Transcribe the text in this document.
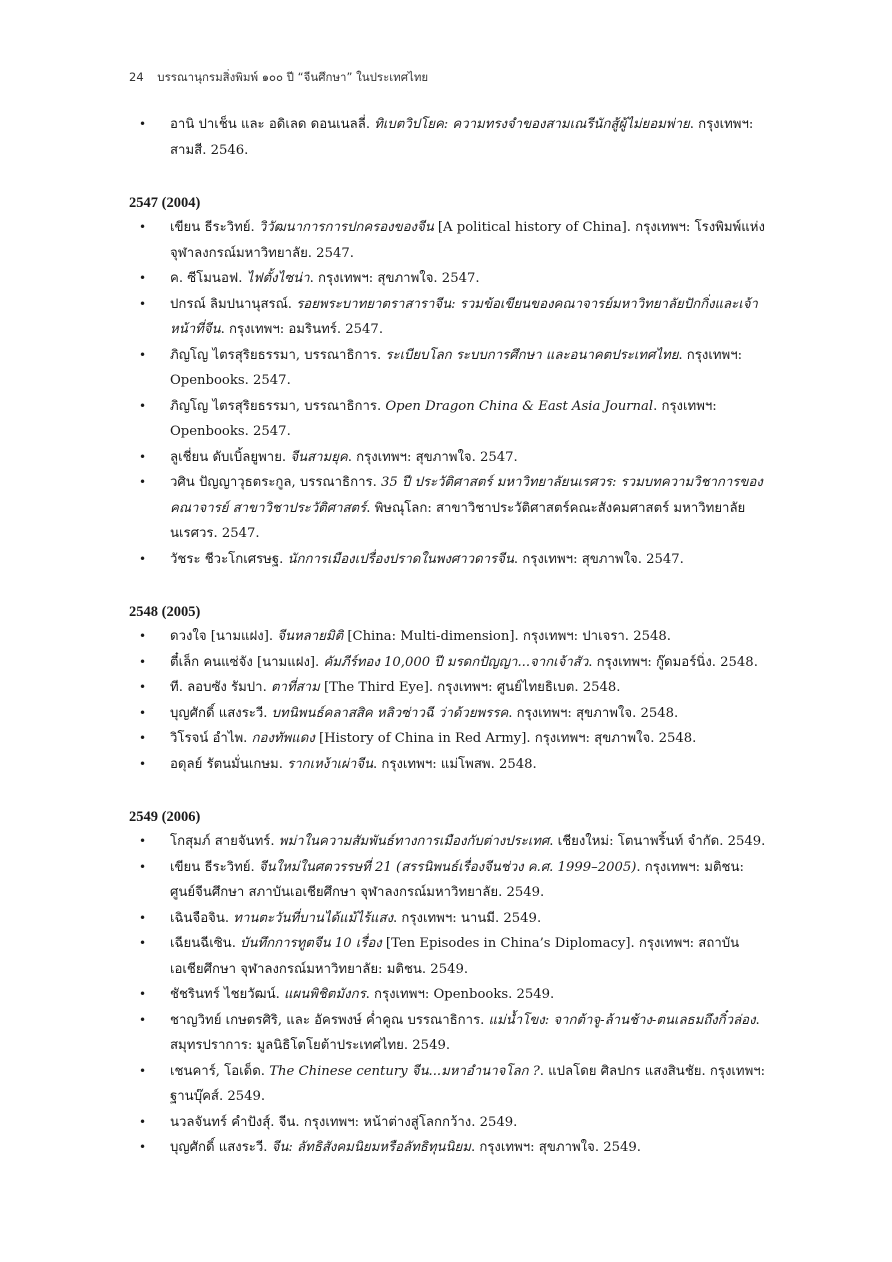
24 บรรณานุกรมสิ่งพิมพ์ ๑๐๐ ปี “จีนศึกษา” ในประเทศไทย

• อานิ ปาเช็น และ อดิเลด ดอนเนลลี่. ทิเบตวิปโยค: ความทรงจำของสามเณรีนักสู้ผู้ไม่ยอมพ่าย. กรุงเทพฯ: สามสี. 2546.

2547 (2004)

• เขียน ธีระวิทย์. วิวัฒนาการการปกครองของจีน [A political history of China]. กรุงเทพฯ: โรงพิมพ์แห่งจุฬาลงกรณ์มหาวิทยาลัย. 2547.

• ค. ซีโมนอฟ. ไฟตั้งไซน่า. กรุงเทพฯ: สุขภาพใจ. 2547.

• ปกรณ์ ลิมปนานุสรณ์. รอยพระบาทยาตราสาราจีน: รวมข้อเขียนของคณาจารย์มหาวิทยาลัยปักกิ่งและเจ้าหน้าที่จีน. กรุงเทพฯ: อมรินทร์. 2547.

• ภิญโญ ไตรสุริยธรรมา, บรรณาธิการ. ระเบียบโลก ระบบการศึกษา และอนาคตประเทศไทย. กรุงเทพฯ: Openbooks. 2547.

• ภิญโญ ไตรสุริยธรรมา, บรรณาธิการ. Open Dragon China & East Asia Journal. กรุงเทพฯ: Openbooks. 2547.

• ลูเชี่ยน ดับเบิ้ลยูพาย. จีนสามยุค. กรุงเทพฯ: สุขภาพใจ. 2547.

• วศิน ปัญญาวุธตระกูล, บรรณาธิการ. 35 ปี ประวัติศาสตร์ มหาวิทยาลัยนเรศวร: รวมบทความวิชาการของคณาจารย์ สาขาวิชาประวัติศาสตร์. พิษณุโลก: สาขาวิชาประวัติศาสตร์คณะสังคมศาสตร์ มหาวิทยาลัยนเรศวร. 2547.

• วัชระ ชีวะโกเศรษฐ. นักการเมืองเปรื่องปราดในพงศาวดารจีน. กรุงเทพฯ: สุขภาพใจ. 2547.

2548 (2005)

• ดวงใจ [นามแฝง]. จีนหลายมิติ [China: Multi-dimension]. กรุงเทพฯ: ปาเจรา. 2548.

• ตี๋เล็ก คนแซ่จัง [นามแฝง]. คัมภีร์ทอง 10,000 ปี มรดกปัญญา...จากเจ้าสัว. กรุงเทพฯ: กู๊ดมอร์นิ่ง. 2548.

• ที. ลอบซัง รัมปา. ตาที่สาม [The Third Eye]. กรุงเทพฯ: ศูนย์ไทยธิเบต. 2548.

• บุญศักดิ์ แสงระวี. บทนิพนธ์คลาสสิค หลิวซ่าวฉี ว่าด้วยพรรค. กรุงเทพฯ: สุขภาพใจ. 2548.

• วิโรจน์ อำไพ. กองทัพแดง [History of China in Red Army]. กรุงเทพฯ: สุขภาพใจ. 2548.

• อดุลย์ รัตนมั่นเกษม. รากเหง้าเผ่าจีน. กรุงเทพฯ: แม่โพสพ. 2548.

2549 (2006)

• โกสุมภ์ สายจันทร์. พม่าในความสัมพันธ์ทางการเมืองกับต่างประเทศ. เชียงใหม่: โตนาพริ้นท์ จำกัด. 2549.

• เขียน ธีระวิทย์. จีนใหม่ในศตวรรษที่ 21 (สรรนิพนธ์เรื่องจีนช่วง ค.ศ. 1999–2005). กรุงเทพฯ: มติชน: ศูนย์จีนศึกษา สภาบันเอเชียศึกษา จุฬาลงกรณ์มหาวิทยาลัย. 2549.

• เฉินจือจิน. ทานตะวันที่บานได้แม้ไร้แสง. กรุงเทพฯ: นานมี. 2549.

• เฉียนฉีเซิน. บันทึกการทูตจีน 10 เรื่อง [Ten Episodes in China’s Diplomacy]. กรุงเทพฯ: สถาบันเอเชียศึกษา จุฬาลงกรณ์มหาวิทยาลัย: มติชน. 2549.

• ชัชรินทร์ ไชยวัฒน์. แผนพิชิตมังกร. กรุงเทพฯ: Openbooks. 2549.

• ชาญวิทย์ เกษตรศิริ, และ อัครพงษ์ ค่ำคูณ บรรณาธิการ. แม่น้ำโขง: จากต้าจู-ล้านช้าง-ตนเลธมถึงกิ๋วล่อง. สมุทรปราการ: มูลนิธิโตโยต้าประเทศไทย. 2549.

• เชนคาร์, โอเด็ด. The Chinese century จีน...มหาอำนาจโลก ?. แปลโดย ศิลปกร แสงสินชัย. กรุงเทพฯ: ฐานบุ๊คส์. 2549.

• นวลจันทร์ คำปังสุ์. จีน. กรุงเทพฯ: หน้าต่างสู่โลกกว้าง. 2549.

• บุญศักดิ์ แสงระวี. จีน: ลัทธิสังคมนิยมหรือลัทธิทุนนิยม. กรุงเทพฯ: สุขภาพใจ. 2549.
